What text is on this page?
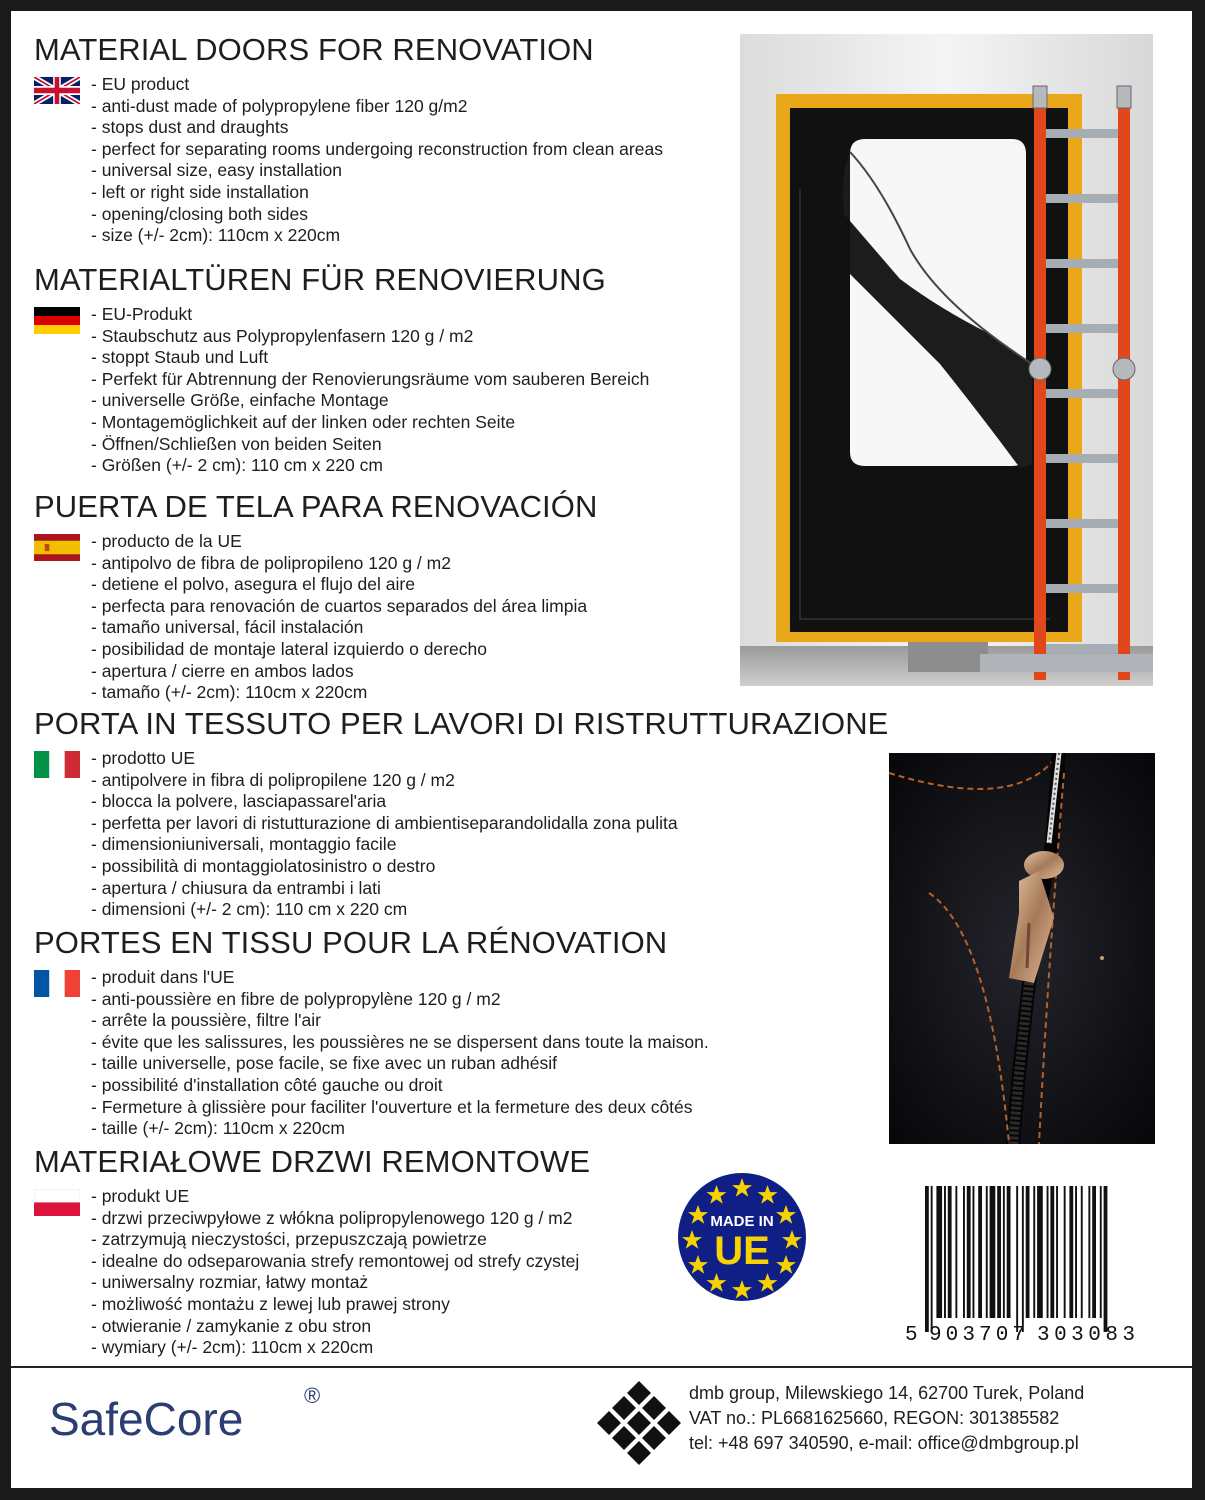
MATERIAL DOORS FOR RENOVATION
- EU product
- anti-dust made of polypropylene fiber 120 g/m2
- stops dust and draughts
- perfect for separating rooms undergoing reconstruction from clean areas
- universal size, easy installation
- left or right side installation
- opening/closing both sides
- size (+/- 2cm): 110cm x 220cm
MATERIALTÜREN FÜR RENOVIERUNG
- EU-Produkt
- Staubschutz aus Polypropylenfasern 120 g / m2
- stoppt Staub und Luft
- Perfekt für Abtrennung der Renovierungsräume vom sauberen Bereich
- universelle Größe, einfache Montage
- Montagemöglichkeit auf der linken oder rechten Seite
- Öffnen/Schließen von beiden Seiten
- Größen (+/- 2 cm): 110 cm x 220 cm
PUERTA DE TELA PARA RENOVACIÓN
- producto de la UE
- antipolvo de fibra de polipropileno 120 g / m2
- detiene el polvo, asegura el flujo del aire
- perfecta para renovación de cuartos separados del área limpia
- tamaño universal, fácil instalación
- posibilidad de montaje lateral izquierdo o derecho
- apertura / cierre en ambos lados
- tamaño (+/- 2cm): 110cm x 220cm
PORTA IN TESSUTO PER LAVORI DI RISTRUTTURAZIONE
- prodotto UE
- antipolvere in fibra di polipropilene 120 g / m2
- blocca la polvere, lasciapassarel'aria
- perfetta per lavori di ristutturazione di ambientiseparandolidalla zona pulita
- dimensioniuniversali, montaggio facile
- possibilità di montaggiolatosinistro o destro
- apertura / chiusura da entrambi i lati
- dimensioni (+/- 2 cm): 110 cm x 220 cm
PORTES EN TISSU POUR LA RÉNOVATION
- produit dans l'UE
- anti-poussière en fibre de polypropylène 120 g / m2
- arrête la poussière, filtre l'air
- évite que les salissures, les poussières ne se dispersent dans toute la maison.
- taille universelle, pose facile, se fixe avec un ruban adhésif
- possibilité d'installation côté gauche ou droit
- Fermeture à glissière pour faciliter l'ouverture et la fermeture des deux côtés
- taille (+/- 2cm): 110cm x 220cm
MATERIAŁOWE DRZWI REMONTOWE
- produkt UE
- drzwi przeciwpyłowe z włókna polipropylenowego 120 g / m2
- zatrzymują nieczystości, przepuszczają powietrze
- idealne do odseparowania strefy remontowej od strefy czystej
- uniwersalny rozmiar, łatwy montaż
- możliwość montażu z lewej lub prawej strony
- otwieranie / zamykanie z obu stron
- wymiary (+/- 2cm): 110cm x 220cm
MADE IN
UE
5 903707 303083
SafeCore	®	dmb group, Milewskiego 14, 62700 Turek, Poland
VAT no.: PL6681625660, REGON: 301385582
tel: +48 697 340590, e-mail: office@dmbgroup.pl
